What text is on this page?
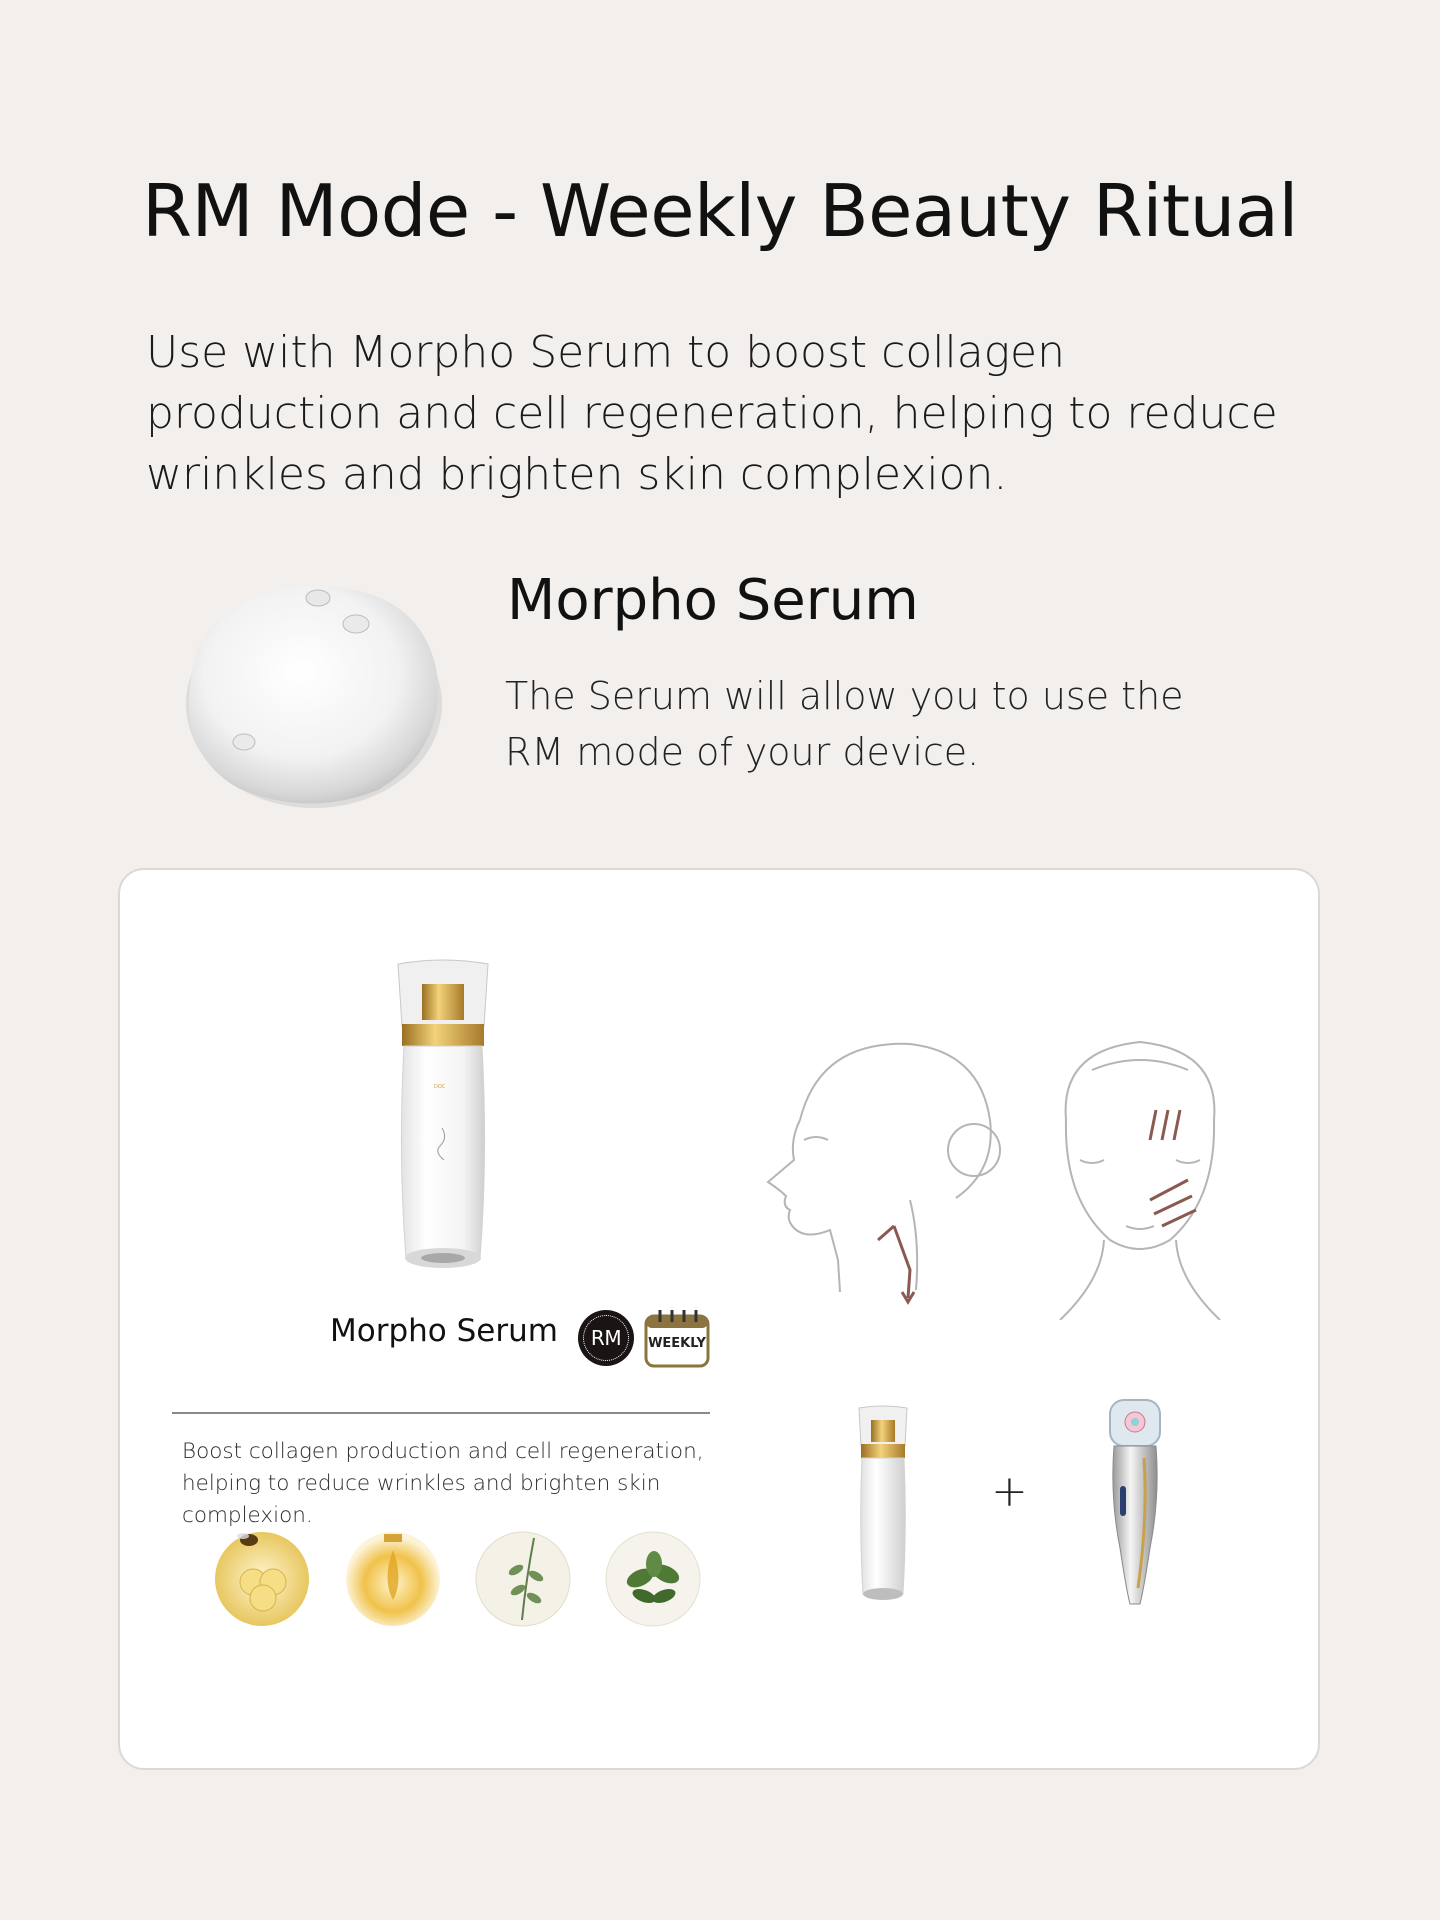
RM Mode - Weekly Beauty Ritual

Use with Morpho Serum to boost collagen production and cell regeneration, helping to reduce wrinkles and brighten skin complexion.

Morpho Serum

The Serum will allow you to use the RM mode of your device.

DOC
Morpho Serum RM	WEEKLY

Boost collagen production and cell regeneration,
helping to reduce wrinkles and brighten skin complexion.	+
